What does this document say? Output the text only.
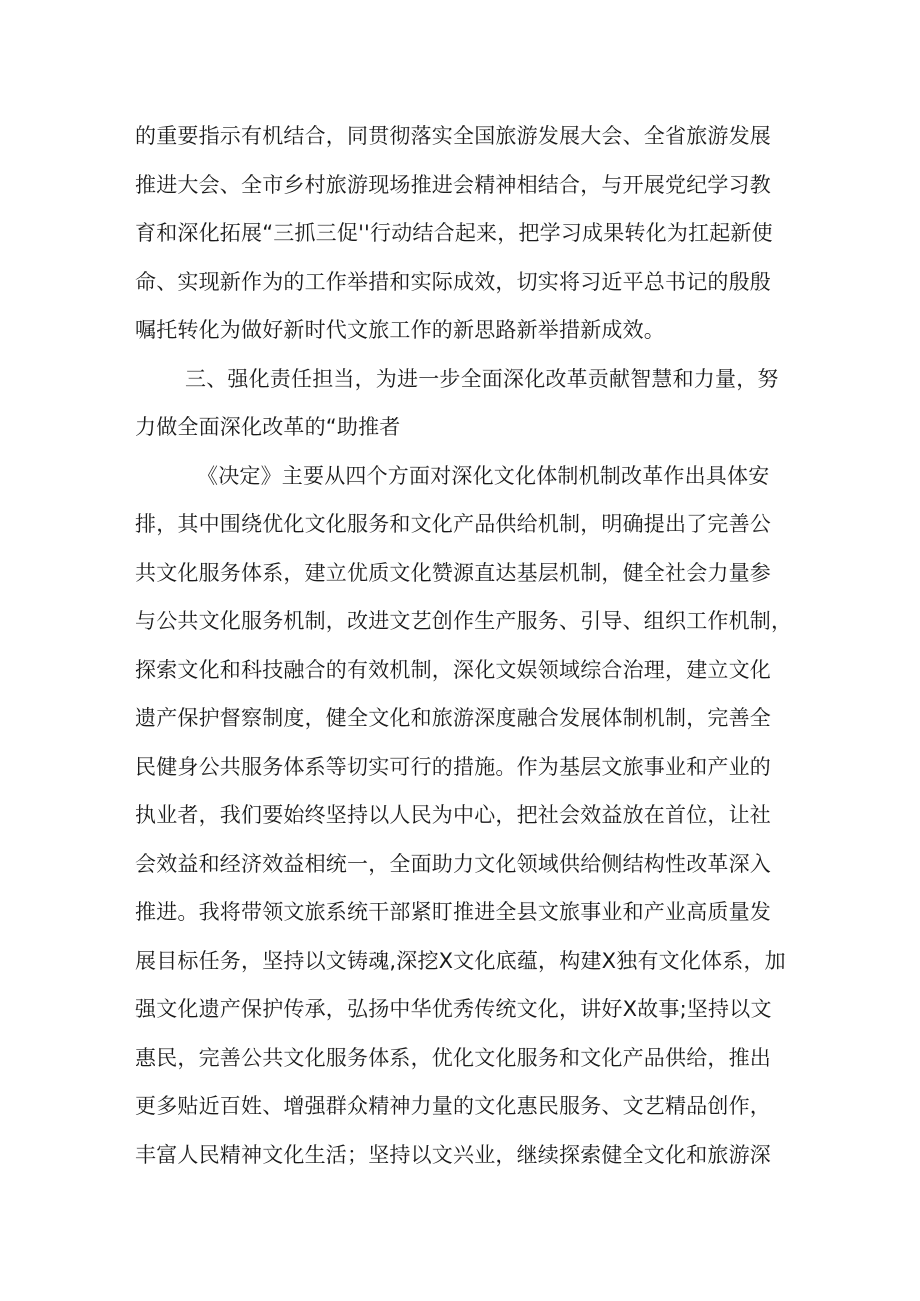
的重要指示有机结合，同贯彻落实全国旅游发展大会、全省旅游发展
推进大会、全市乡村旅游现场推进会精神相结合，与开展党纪学习教
育和深化拓展“三抓三促''行动结合起来，把学习成果转化为扛起新使
命、实现新作为的工作举措和实际成效，切实将习近平总书记的殷殷
嘱托转化为做好新时代文旅工作的新思路新举措新成效。
三、强化责任担当，为进一步全面深化改革贡献智慧和力量，努
力做全面深化改革的“助推者
《决定》主要从四个方面对深化文化体制机制改革作出具体安
排，其中围绕优化文化服务和文化产品供给机制，明确提出了完善公
共文化服务体系，建立优质文化赞源直达基层机制，健全社会力量参
与公共文化服务机制，改进文艺创作生产服务、引导、组织工作机制，
探索文化和科技融合的有效机制，深化文娱领域综合治理，建立文化
遗产保护督察制度，健全文化和旅游深度融合发展体制机制，完善全
民健身公共服务体系等切实可行的措施。作为基层文旅事业和产业的
执业者，我们要始终坚持以人民为中心，把社会效益放在首位，让社
会效益和经济效益相统一，全面助力文化领域供给侧结构性改革深入
推进。我将带领文旅系统干部紧盯推进全县文旅事业和产业高质量发
展目标任务，坚持以文铸魂,深挖X文化底蕴，构建X独有文化体系，加
强文化遗产保护传承，弘扬中华优秀传统文化，讲好X故事;坚持以文
惠民，完善公共文化服务体系，优化文化服务和文化产品供给，推出
更多贴近百姓、增强群众精神力量的文化惠民服务、文艺精品创作，
丰富人民精神文化生活；坚持以文兴业，继续探索健全文化和旅游深
